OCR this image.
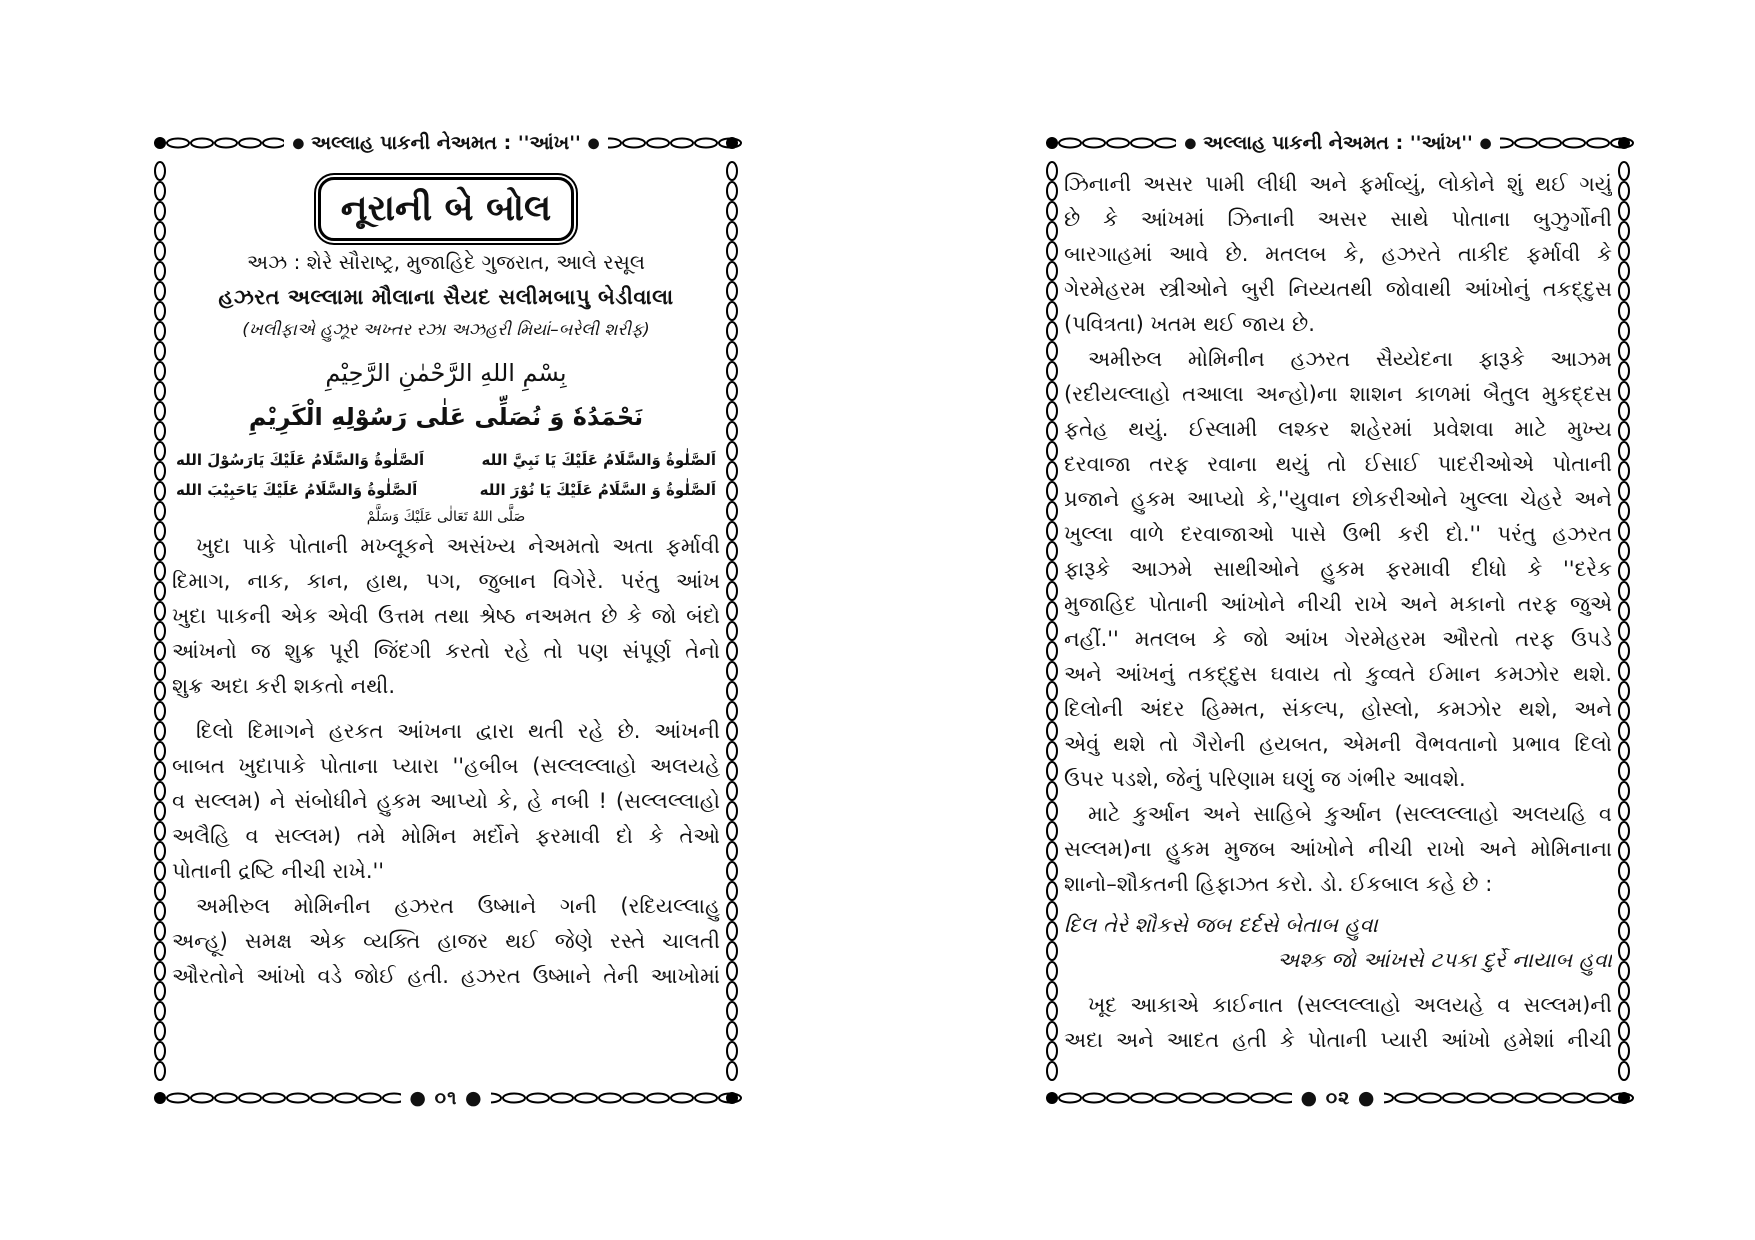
● અલ્લાહ પાકની નેઅમત : ''આંખ'' ●
નૂરાની બે બોલ
અઝ : શેરે સૌરાષ્ટ્ર, મુજાહિદે ગુજરાત, આલે રસૂલ
હઝરત અલ્લામા મૌલાના સૈયદ સલીમબાપુ બેડીવાલા
(ખલીફાએ હુઝૂર અખ્તર રઝા અઝહરી મિયાં–બરેલી શરીફ)
بِسْمِ اللهِ الرَّحْمٰنِ الرَّحِيْمِ
نَحْمَدُهٗ وَ نُصَلِّى عَلٰى رَسُوْلِهِ الْكَرِيْمِ
اَلصَّلٰوةُ وَالسَّلَامُ عَلَيْكَ يَا نَبِيَّ الله
اَلصَّلٰوةُ وَالسَّلَامُ عَلَيْكَ يَارَسُوْلَ الله
اَلصَّلٰوةُ وَ السَّلَامُ عَلَيْكَ يَا نُوْرَ الله
اَلصَّلٰوةُ وَالسَّلَامُ عَلَيْكَ يَاحَبِيْبَ الله
صَلَّى اللهُ تَعَالٰى عَلَيْكَ وَسَلَّمْ
ખુદા પાકે પોતાની મખ્લૂકને અસંખ્ય નેઅમતો અતા ફર્માવી
દિમાગ, નાક, કાન, હાથ, પગ, જુબાન વિગેરે. પરંતુ આંખ
ખુદા પાકની એક એવી ઉત્તમ તથા શ્રેષ્ઠ નઅમત છે કે જો બંદો
આંખનો જ શુક્ર પૂરી જિંદગી કરતો રહે તો પણ સંપૂર્ણ તેનો
શુક્ર અદા કરી શકતો નથી.
દિલો દિમાગને હરકત આંખના દ્વારા થતી રહે છે. આંખની
બાબત ખુદાપાકે પોતાના પ્યારા ''હબીબ (સલ્લલ્લાહો અલયહે
વ સલ્લમ) ને સંબોધીને હુકમ આપ્યો કે, હે નબી ! (સલ્લલ્લાહો
અલૈહિ વ સલ્લમ) તમે મોમિન મર્દોને ફરમાવી દો કે તેઓ
પોતાની દ્રષ્ટિ નીચી રાખે.''
અમીરુલ મોમિનીન હઝરત ઉષ્માને ગની (રદિયલ્લાહુ
અન્હૂ) સમક્ષ એક વ્યક્તિ હાજર થઈ જેણે રસ્તે ચાલતી
ઔરતોને આંખો વડે જોઈ હતી. હઝરત ઉષ્માને તેની આખોમાં
● ૦૧ ●
● અલ્લાહ પાકની નેઅમત : ''આંખ'' ●
ઝિનાની અસર પામી લીધી અને ફર્માવ્યું, લોકોને શું થઈ ગયું
છે કે આંખમાં ઝિનાની અસર સાથે પોતાના બુઝુર્ગોની
બારગાહમાં આવે છે. મતલબ કે, હઝરતે તાકીદ ફર્માવી કે
ગેરમેહરમ સ્ત્રીઓને બુરી નિય્યતથી જોવાથી આંખોનું તકદ્દુસ
(પવિત્રતા) ખતમ થઈ જાય છે.
અમીરુલ મોમિનીન હઝરત સૈય્યેદના ફારૂકે આઝમ
(રદીયલ્લાહો તઆલા અન્હો)ના શાશન કાળમાં બૈતુલ મુકદ્દસ
ફતેહ થયું. ઈસ્લામી લશ્કર શહેરમાં પ્રવેશવા માટે મુખ્ય
દરવાજા તરફ રવાના થયું તો ઈસાઈ પાદરીઓએ પોતાની
પ્રજાને હુકમ આપ્યો કે,''યુવાન છોકરીઓને ખુલ્લા ચેહરે અને
ખુલ્લા વાળે દરવાજાઓ પાસે ઉભી કરી દો.'' પરંતુ હઝરત
ફારૂકે આઝમે સાથીઓને હુકમ ફરમાવી દીધો કે ''દરેક
મુજાહિદ પોતાની આંખોને નીચી રાખે અને મકાનો તરફ જુએ
નહીં.'' મતલબ કે જો આંખ ગેરમેહરમ ઔરતો તરફ ઉપડે
અને આંખનું તકદ્દુસ ઘવાય તો કુવ્વતે ઈમાન કમઝોર થશે.
દિલોની અંદર હિમ્મત, સંકલ્પ, હોસ્લો, કમઝોર થશે, અને
એવું થશે તો ગૈરોની હયબત, એમની વૈભવતાનો પ્રભાવ દિલો
ઉપર પડશે, જેનું પરિણામ ઘણું જ ગંભીર આવશે.
માટે કુર્આન અને સાહિબે કુર્આન (સલ્લલ્લાહો અલયહિ વ
સલ્લમ)ના હુકમ મુજબ આંખોને નીચી રાખો અને મોમિનાના
શાનો–શૌકતની હિફાઝત કરો. ડો. ઈકબાલ કહે છે :
દિલ તેરે શૌકસે જબ દર્દસે બેતાબ હુવા
અશ્ક જો આંખસે ટપકા દુર્રે નાયાબ હુવા
ખૂદ આકાએ કાઈનાત (સલ્લલ્લાહો અલયહે વ સલ્લમ)ની
અદા અને આદત હતી કે પોતાની પ્યારી આંખો હમેશાં નીચી
● ૦૨ ●
